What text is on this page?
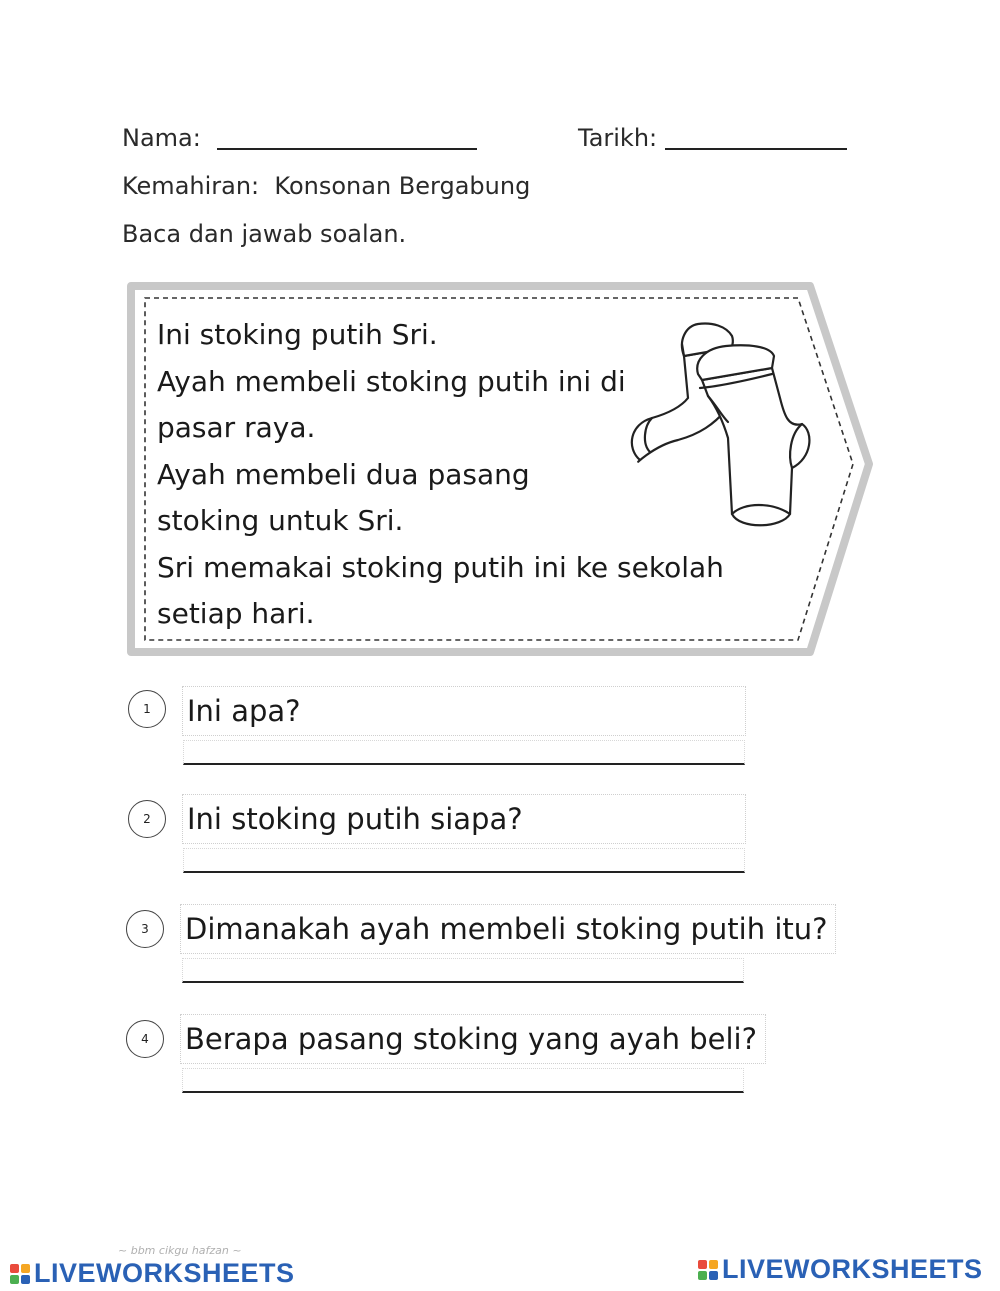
Nama:	Tarikh:
Kemahiran: Konsonan Bergabung
Baca dan jawab soalan.
Ini stoking putih Sri.
Ayah membeli stoking putih ini di
pasar raya.
Ayah membeli dua pasang
stoking untuk Sri.
Sri memakai stoking putih ini ke sekolah
setiap hari.
1	Ini apa?
2	Ini stoking putih siapa?
3	Dimanakah ayah membeli stoking putih itu?
4	Berapa pasang stoking yang ayah beli?
~ bbm cikgu hafzan ~
LIVEWORKSHEETS	LIVEWORKSHEETS
